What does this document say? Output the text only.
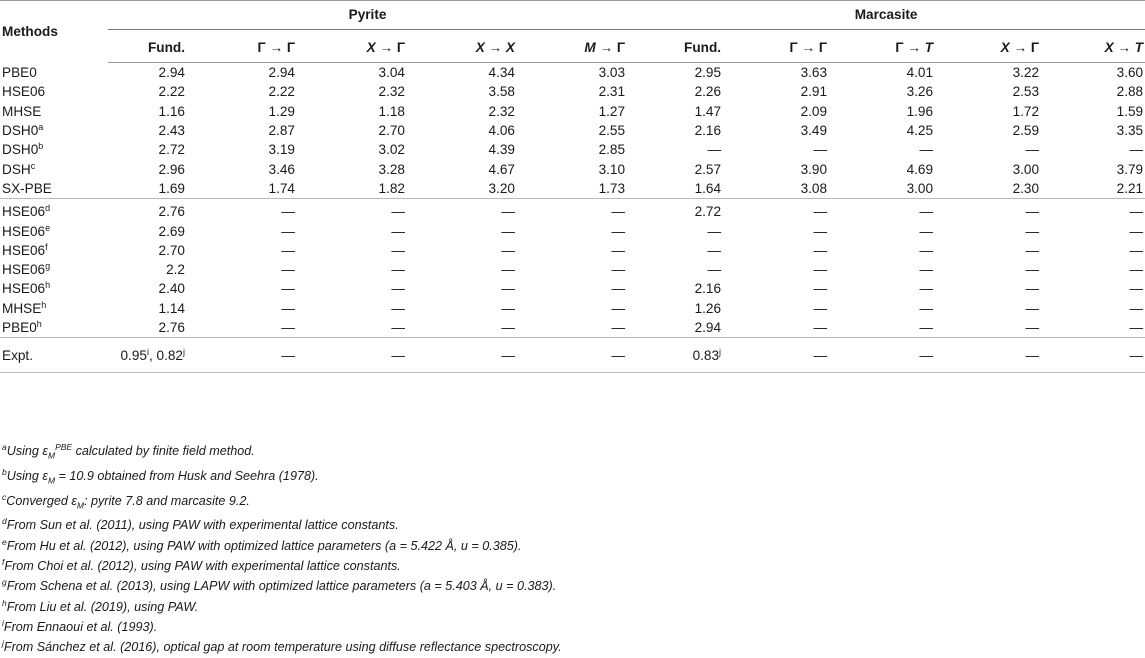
Methods	Pyrite					Marcasite				

	Fund.	Γ → Γ	X → Γ	X → X	M → Γ	Fund.	Γ → Γ	Γ → T	X → Γ	X → T
PBE0	2.94	2.94	3.04	4.34	3.03	2.95	3.63	4.01	3.22	3.60
HSE06	2.22	2.22	2.32	3.58	2.31	2.26	2.91	3.26	2.53	2.88
MHSE	1.16	1.29	1.18	2.32	1.27	1.47	2.09	1.96	1.72	1.59
DSH0$^a$	2.43	2.87	2.70	4.06	2.55	2.16	3.49	4.25	2.59	3.35
DSH0$^b$	2.72	3.19	3.02	4.39	2.85	—	—	—	—	—
DSH$^c$	2.96	3.46	3.28	4.67	3.10	2.57	3.90	4.69	3.00	3.79
SX-PBE	1.69	1.74	1.82	3.20	1.73	1.64	3.08	3.00	2.30	2.21
HSE06$^d$	2.76	—	—	—	—	2.72	—	—	—	—
HSE06e	2.69	—	—	—	—	—	—	—	—	—
HSE06$^f$	2.70	—	—	—	—	—	—	—	—	—
HSE06$^g$	2.2	—	—	—	—	—	—	—	—	—
HSE06$^h$	2.40	—	—	—	—	2.16	—	—	—	—
MHSE$^h$	1.14	—	—	—	—	1.26	—	—	—	—
PBE0$^h$	2.76	—	—	—	—	2.94	—	—	—	—
Expt.	0.95$^i$, 0.82$^j$	—	—	—	—	0.83$^j$	—	—	—	—
$^a$Using $\varepsilon_M^{PBE}$ calculated by finite field method.
$^b$Using $\varepsilon_M = 10.9$ obtained from Husk and Seehra (1978).
$^c$Converged $\varepsilon_M$: pyrite 7.8 and marcasite 9.2.
$^d$From Sun et al. (2011), using PAW with experimental lattice constants.
$^e$From Hu et al. (2012), using PAW with optimized lattice parameters (a = 5.422 Å, u = 0.385).
$^f$From Choi et al. (2012), using PAW with experimental lattice constants.
$^g$From Schena et al. (2013), using LAPW with optimized lattice parameters (a = 5.403 Å, u = 0.383).
$^h$From Liu et al. (2019), using PAW.
$^i$From Ennaoui et al. (1993).
$^j$From Sánchez et al. (2016), optical gap at room temperature using diffuse reflectance spectroscopy.
